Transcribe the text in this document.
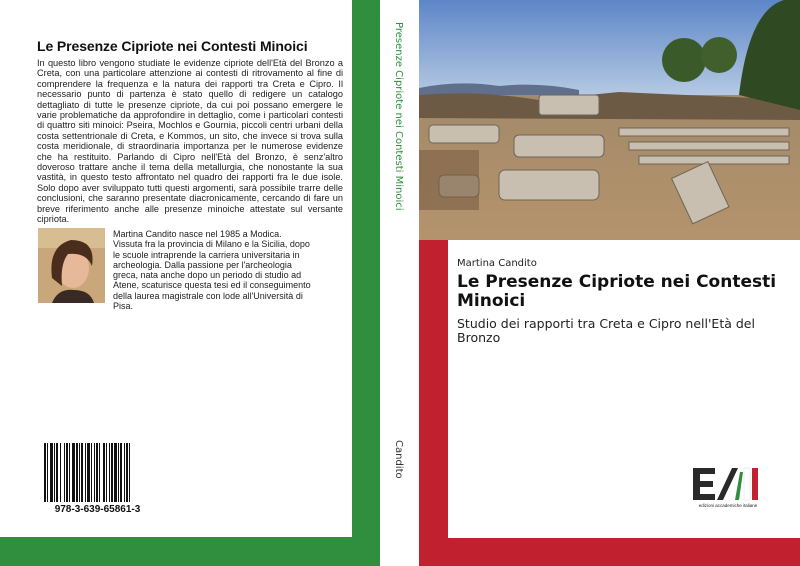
Le Presenze Cipriote nei Contesti Minoici
In questo libro vengono studiate le evidenze cipriote dell'Età del Bronzo a Creta, con una particolare attenzione ai contesti di ritrovamento al fine di comprendere la frequenza e la natura dei rapporti tra Creta e Cipro. Il necessario punto di partenza è stato quello di redigere un catalogo dettagliato di tutte le presenze cipriote, da cui poi possano emergere le varie problematiche da approfondire in dettaglio, come i particolari contesti di quattro siti minoici: Pseira, Mochlos e Gournia, piccoli centri urbani della costa settentrionale di Creta, e Kommos, un sito, che invece si trova sulla costa meridionale, di straordinaria importanza per le numerose evidenze che ha restituito. Parlando di Cipro nell'Età del Bronzo, è senz'altro doveroso trattare anche il tema della metallurgia, che nonostante la sua vastità, in questo testo affrontato nel quadro dei rapporti fra le due isole. Solo dopo aver sviluppato tutti questi argomenti, sarà possibile trarre delle conclusioni, che saranno presentate diacronicamente, cercando di fare un breve riferimento anche alle presenze minoiche attestate sul versante cipriota.
Martina Candito nasce nel 1985 a Modica. Vissuta fra la provincia di Milano e la Sicilia, dopo le scuole intraprende la carriera universitaria in archeologia. Dalla passione per l'archeologia greca, nata anche dopo un periodo di studio ad Atene, scaturisce questa tesi ed il conseguimento della laurea magistrale con lode all'Università di Pisa.
978-3-639-65861-3
Presenze Cipriote nei Contesti Minoici
Candito
Martina Candito
Le Presenze Cipriote nei Contesti Minoici
Studio dei rapporti tra Creta e Cipro nell'Età del Bronzo
edizioni accademiche italiane
